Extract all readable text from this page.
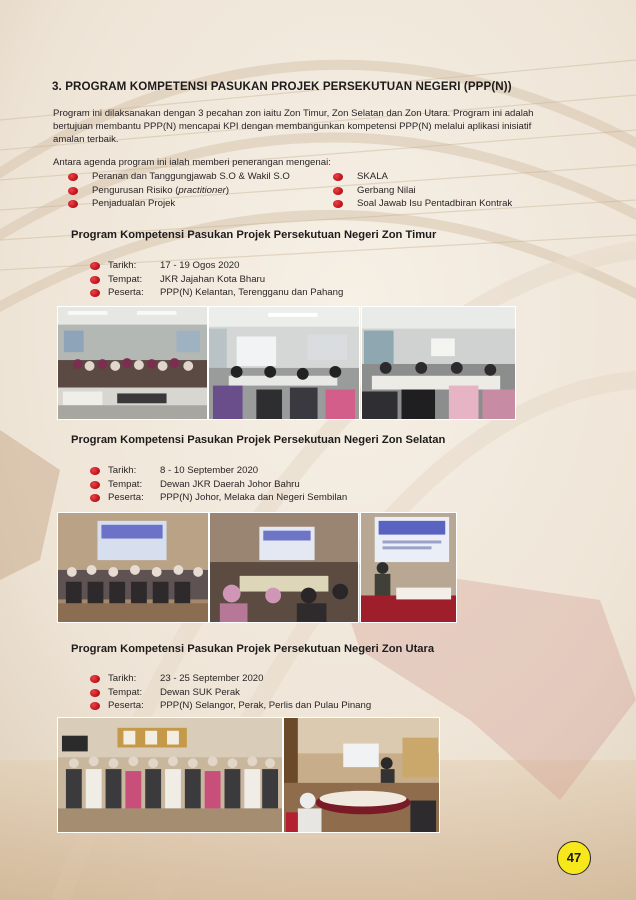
3. PROGRAM KOMPETENSI PASUKAN PROJEK PERSEKUTUAN NEGERI (PPP(N))
Program ini dilaksanakan dengan 3 pecahan zon iaitu Zon Timur, Zon Selatan dan Zon Utara. Program ini adalah
bertujuan membantu PPP(N) mencapai KPI dengan membangunkan kompetensi PPP(N) melalui aplikasi inisiatif
amalan terbaik.
Antara agenda program ini ialah memberi penerangan mengenai:
Peranan dan Tanggungjawab S.O & Wakil S.O
Pengurusan Risiko (practitioner)
Penjadualan Projek
SKALA
Gerbang Nilai
Soal Jawab Isu Pentadbiran Kontrak
Program Kompetensi Pasukan Projek Persekutuan Negeri Zon Timur
Tarikh: 17 - 19 Ogos 2020
Tempat: JKR Jajahan Kota Bharu
Peserta: PPP(N) Kelantan, Terengganu dan Pahang
Program Kompetensi Pasukan Projek Persekutuan Negeri Zon Selatan
Tarikh: 8 - 10 September 2020
Tempat: Dewan JKR Daerah Johor Bahru
Peserta: PPP(N) Johor, Melaka dan Negeri Sembilan
Program Kompetensi Pasukan Projek Persekutuan Negeri Zon Utara
Tarikh: 23 - 25 September 2020
Tempat: Dewan SUK Perak
Peserta: PPP(N) Selangor, Perak, Perlis dan Pulau Pinang
47
